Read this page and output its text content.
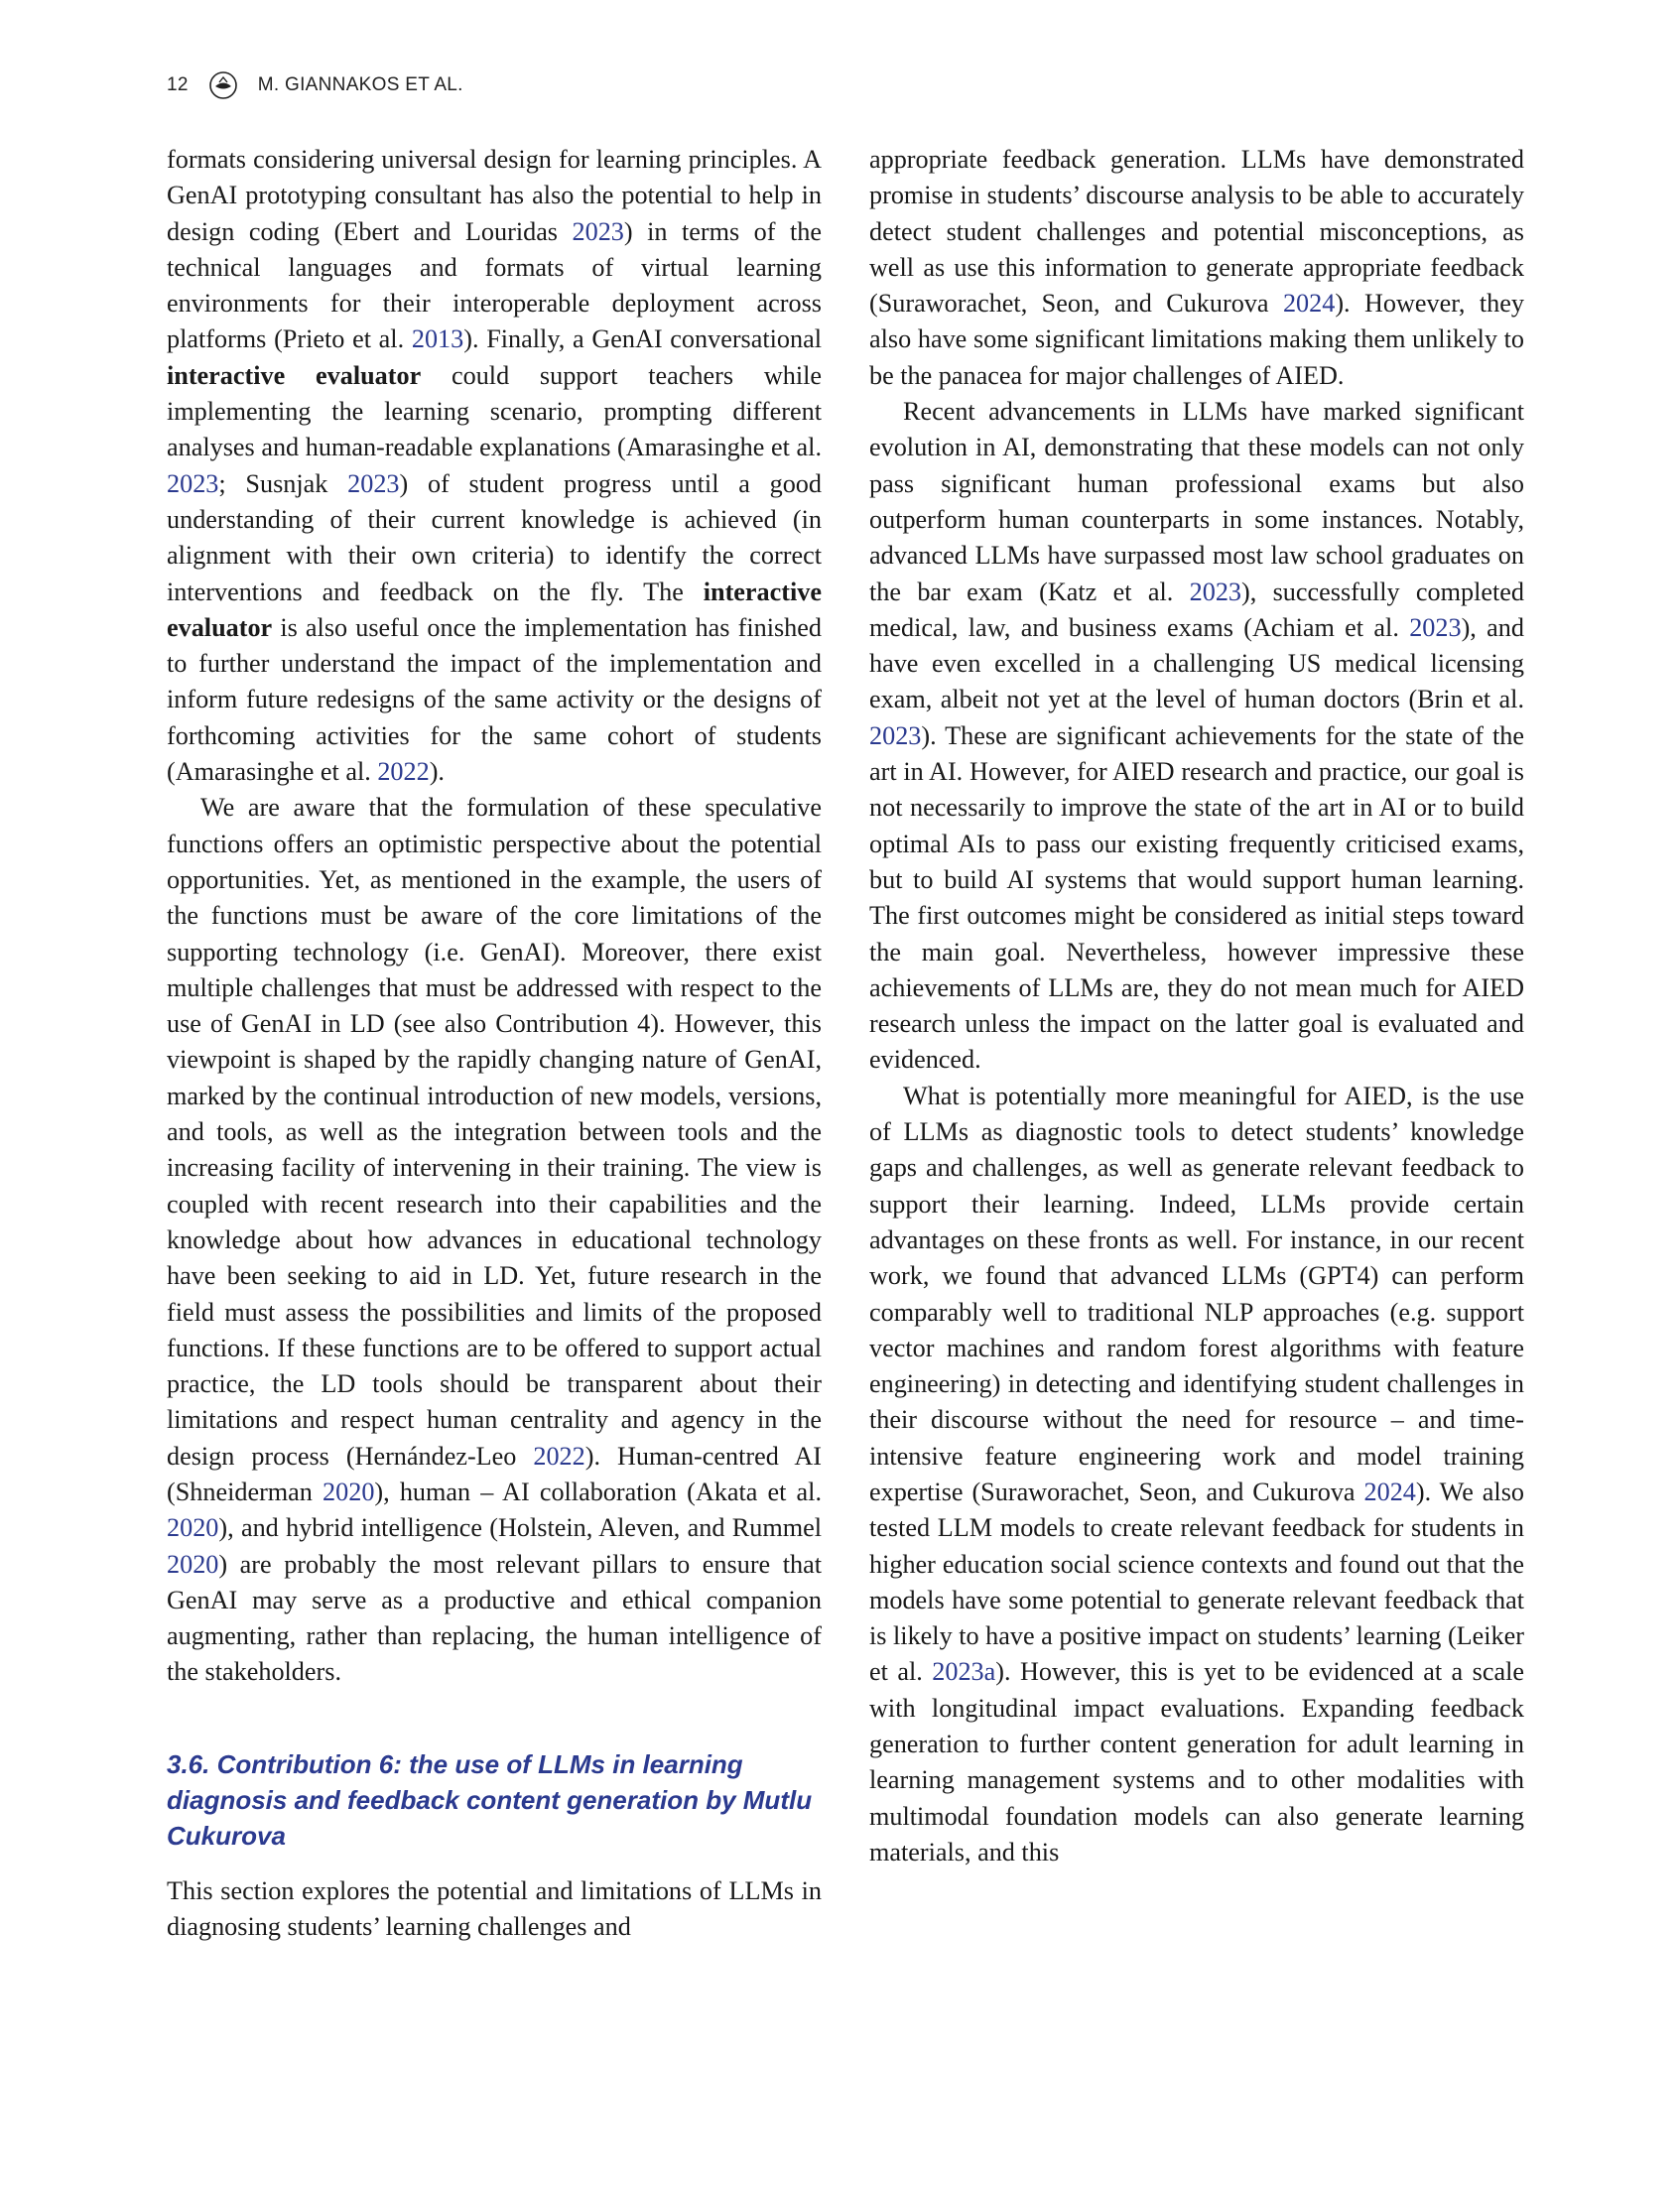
12	M. GIANNAKOS ET AL.

formats considering universal design for learning principles. A GenAI prototyping consultant has also the potential to help in design coding (Ebert and Louridas 2023) in terms of the technical languages and formats of virtual learning environments for their interoperable deployment across platforms (Prieto et al. 2013). Finally, a GenAI conversational interactive evaluator could support teachers while implementing the learning scenario, prompting different analyses and human-readable explanations (Amarasinghe et al. 2023; Susnjak 2023) of student progress until a good understanding of their current knowledge is achieved (in alignment with their own criteria) to identify the correct interventions and feedback on the fly. The interactive evaluator is also useful once the implementation has finished to further understand the impact of the implementation and inform future redesigns of the same activity or the designs of forthcoming activities for the same cohort of students (Amarasinghe et al. 2022).

We are aware that the formulation of these speculative functions offers an optimistic perspective about the potential opportunities. Yet, as mentioned in the example, the users of the functions must be aware of the core limitations of the supporting technology (i.e. GenAI). Moreover, there exist multiple challenges that must be addressed with respect to the use of GenAI in LD (see also Contribution 4). However, this viewpoint is shaped by the rapidly changing nature of GenAI, marked by the continual introduction of new models, versions, and tools, as well as the integration between tools and the increasing facility of intervening in their training. The view is coupled with recent research into their capabilities and the knowledge about how advances in educational technology have been seeking to aid in LD. Yet, future research in the field must assess the possibilities and limits of the proposed functions. If these functions are to be offered to support actual practice, the LD tools should be transparent about their limitations and respect human centrality and agency in the design process (Hernández-Leo 2022). Human-centred AI (Shneiderman 2020), human – AI collaboration (Akata et al. 2020), and hybrid intelligence (Holstein, Aleven, and Rummel 2020) are probably the most relevant pillars to ensure that GenAI may serve as a productive and ethical companion augmenting, rather than replacing, the human intelligence of the stakeholders.

3.6. Contribution 6: the use of LLMs in learning diagnosis and feedback content generation by Mutlu Cukurova

This section explores the potential and limitations of LLMs in diagnosing students’ learning challenges and

appropriate feedback generation. LLMs have demonstrated promise in students’ discourse analysis to be able to accurately detect student challenges and potential misconceptions, as well as use this information to generate appropriate feedback (Suraworachet, Seon, and Cukurova 2024). However, they also have some significant limitations making them unlikely to be the panacea for major challenges of AIED.

Recent advancements in LLMs have marked significant evolution in AI, demonstrating that these models can not only pass significant human professional exams but also outperform human counterparts in some instances. Notably, advanced LLMs have surpassed most law school graduates on the bar exam (Katz et al. 2023), successfully completed medical, law, and business exams (Achiam et al. 2023), and have even excelled in a challenging US medical licensing exam, albeit not yet at the level of human doctors (Brin et al. 2023). These are significant achievements for the state of the art in AI. However, for AIED research and practice, our goal is not necessarily to improve the state of the art in AI or to build optimal AIs to pass our existing frequently criticised exams, but to build AI systems that would support human learning. The first outcomes might be considered as initial steps toward the main goal. Nevertheless, however impressive these achievements of LLMs are, they do not mean much for AIED research unless the impact on the latter goal is evaluated and evidenced.

What is potentially more meaningful for AIED, is the use of LLMs as diagnostic tools to detect students’ knowledge gaps and challenges, as well as generate relevant feedback to support their learning. Indeed, LLMs provide certain advantages on these fronts as well. For instance, in our recent work, we found that advanced LLMs (GPT4) can perform comparably well to traditional NLP approaches (e.g. support vector machines and random forest algorithms with feature engineering) in detecting and identifying student challenges in their discourse without the need for resource – and time-intensive feature engineering work and model training expertise (Suraworachet, Seon, and Cukurova 2024). We also tested LLM models to create relevant feedback for students in higher education social science contexts and found out that the models have some potential to generate relevant feedback that is likely to have a positive impact on students’ learning (Leiker et al. 2023a). However, this is yet to be evidenced at a scale with longitudinal impact evaluations. Expanding feedback generation to further content generation for adult learning in learning management systems and to other modalities with multimodal foundation models can also generate learning materials, and this
